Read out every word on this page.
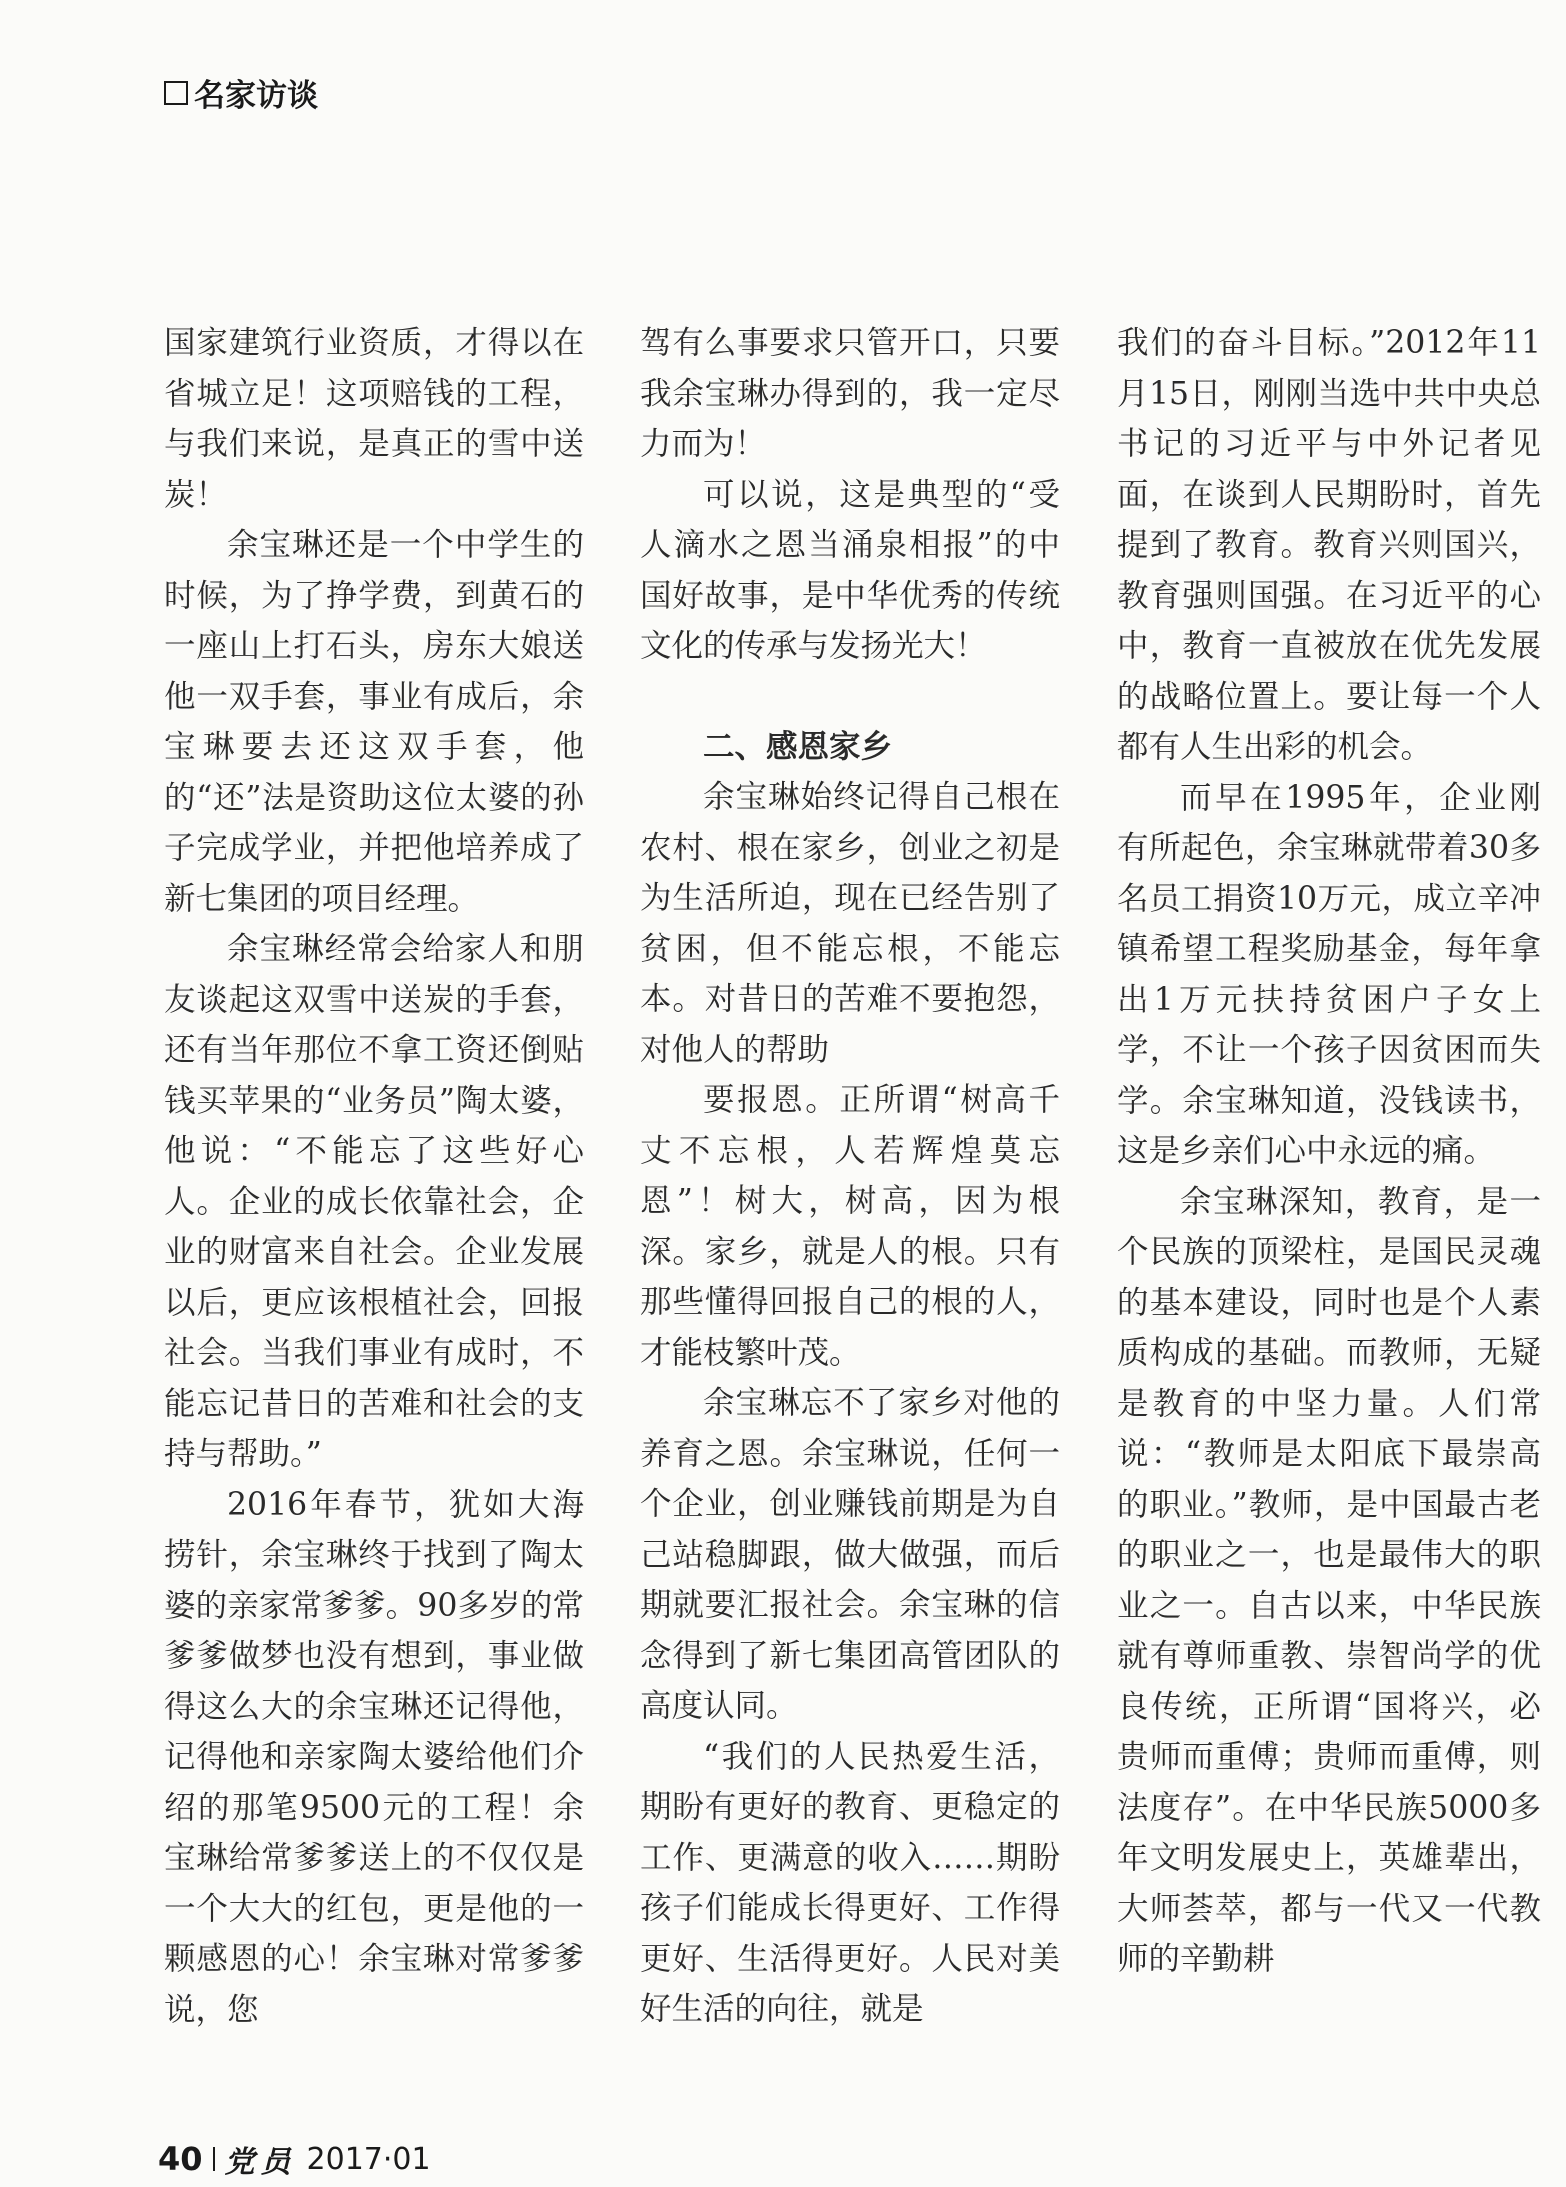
名家访谈

国家建筑行业资质，才得以在省城立足！这项赔钱的工程，与我们来说，是真正的雪中送炭！

余宝琳还是一个中学生的时候，为了挣学费，到黄石的一座山上打石头，房东大娘送他一双手套，事业有成后，余宝琳要去还这双手套，他的“还”法是资助这位太婆的孙子完成学业，并把他培养成了新七集团的项目经理。

余宝琳经常会给家人和朋友谈起这双雪中送炭的手套，还有当年那位不拿工资还倒贴钱买苹果的“业务员”陶太婆，他说：“不能忘了这些好心人。企业的成长依靠社会，企业的财富来自社会。企业发展以后，更应该根植社会，回报社会。当我们事业有成时，不能忘记昔日的苦难和社会的支持与帮助。”

2016年春节，犹如大海捞针，余宝琳终于找到了陶太婆的亲家常爹爹。90多岁的常爹爹做梦也没有想到，事业做得这么大的余宝琳还记得他，记得他和亲家陶太婆给他们介绍的那笔9500元的工程！余宝琳给常爹爹送上的不仅仅是一个大大的红包，更是他的一颗感恩的心！余宝琳对常爹爹说，您

驾有么事要求只管开口，只要我余宝琳办得到的，我一定尽力而为！

可以说，这是典型的“受人滴水之恩当涌泉相报”的中国好故事，是中华优秀的传统文化的传承与发扬光大！

二、感恩家乡

余宝琳始终记得自己根在农村、根在家乡，创业之初是为生活所迫，现在已经告别了贫困，但不能忘根，不能忘本。对昔日的苦难不要抱怨，对他人的帮助

要报恩。正所谓“树高千丈不忘根，人若辉煌莫忘恩”！树大，树高，因为根深。家乡，就是人的根。只有那些懂得回报自己的根的人，才能枝繁叶茂。

余宝琳忘不了家乡对他的养育之恩。余宝琳说，任何一个企业，创业赚钱前期是为自己站稳脚跟，做大做强，而后期就要汇报社会。余宝琳的信念得到了新七集团高管团队的高度认同。

“我们的人民热爱生活，期盼有更好的教育、更稳定的工作、更满意的收入……期盼孩子们能成长得更好、工作得更好、生活得更好。人民对美好生活的向往，就是

我们的奋斗目标。”2012年11月15日，刚刚当选中共中央总书记的习近平与中外记者见面，在谈到人民期盼时，首先提到了教育。教育兴则国兴，教育强则国强。在习近平的心中，教育一直被放在优先发展的战略位置上。要让每一个人都有人生出彩的机会。

而早在1995年，企业刚有所起色，余宝琳就带着30多名员工捐资10万元，成立辛冲镇希望工程奖励基金，每年拿出1万元扶持贫困户子女上学，不让一个孩子因贫困而失学。余宝琳知道，没钱读书，这是乡亲们心中永远的痛。

余宝琳深知，教育，是一个民族的顶梁柱，是国民灵魂的基本建设，同时也是个人素质构成的基础。而教师，无疑是教育的中坚力量。人们常说：“教师是太阳底下最崇高的职业。”教师，是中国最古老的职业之一，也是最伟大的职业之一。自古以来，中华民族就有尊师重教、崇智尚学的优良传统，正所谓“国将兴，必贵师而重傅；贵师而重傅，则法度存”。在中华民族5000多年文明发展史上，英雄辈出，大师荟萃，都与一代又一代教师的辛勤耕

40 党员 2017·01
